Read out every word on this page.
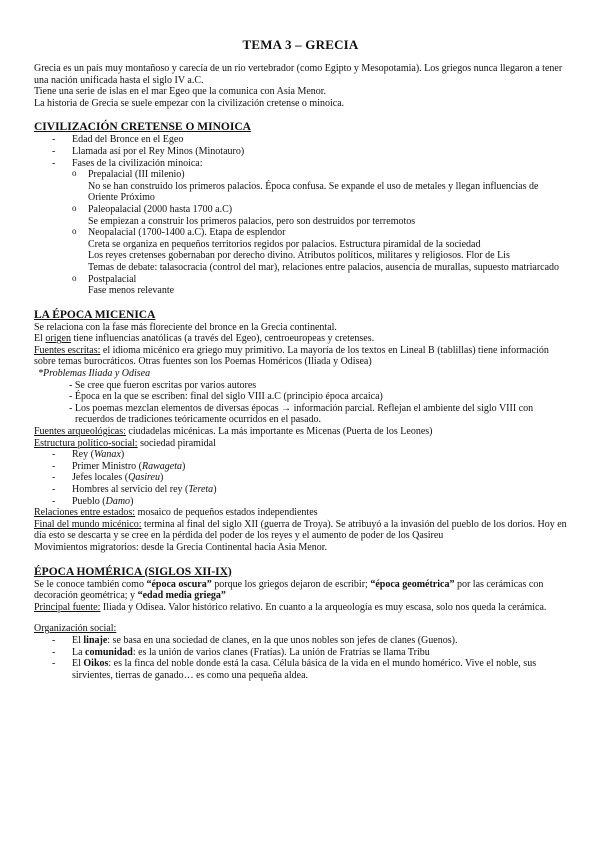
TEMA 3 – GRECIA

Grecia es un país muy montañoso y carecía de un rio vertebrador (como Egipto y Mesopotamia). Los griegos nunca llegaron a tener una nación unificada hasta el siglo IV a.C.

Tiene una serie de islas en el mar Egeo que la comunica con Asia Menor.

La historia de Grecia se suele empezar con la civilización cretense o minoica.

CIVILIZACIÓN CRETENSE O MINOICA
- Edad del Bronce en el Egeo
- Llamada así por el Rey Minos (Minotauro)
- Fases de la civilización minoica:
o Prepalacial (III milenio)
No se han construido los primeros palacios. Época confusa. Se expande el uso de metales y llegan influencias de Oriente Próximo
o Paleopalacial (2000 hasta 1700 a.C)
Se empiezan a construir los primeros palacios, pero son destruidos por terremotos
o Neopalacial (1700-1400 a.C). Etapa de esplendor
Creta se organiza en pequeños territorios regidos por palacios. Estructura piramidal de la sociedad
Los reyes cretenses gobernaban por derecho divino. Atributos políticos, militares y religiosos. Flor de Lis
Temas de debate: talasocracia (control del mar), relaciones entre palacios, ausencia de murallas, supuesto matriarcado
o Postpalacial
Fase menos relevante
LA ÉPOCA MICENICA

Se relaciona con la fase más floreciente del bronce en la Grecia continental.

El origen tiene influencias anatólicas (a través del Egeo), centroeuropeas y cretenses.

Fuentes escritas: el idioma micénico era griego muy primitivo. La mayoría de los textos en Lineal B (tablillas) tiene información sobre temas burocráticos. Otras fuentes son los Poemas Homéricos (Iliada y Odisea)

*Problemas Iliada y Odisea

- Se cree que fueron escritas por varios autores
- Época en la que se escriben: final del siglo VIII a.C (principio época arcaica)
- Los poemas mezclan elementos de diversas épocas → información parcial. Reflejan el ambiente del siglo VIII con recuerdos de tradiciones teóricamente ocurridos en el pasado.

Fuentes arqueológicas: ciudadelas micénicas. La más importante es Micenas (Puerta de los Leones)

Estructura político-social: sociedad piramidal

- Rey (Wanax)
- Primer Ministro (Rawageta)
- Jefes locales (Qasireu)
- Hombres al servicio del rey (Tereta)
- Pueblo (Damo)

Relaciones entre estados: mosaico de pequeños estados independientes

Final del mundo micénico: termina al final del siglo XII (guerra de Troya). Se atribuyó a la invasión del pueblo de los dorios. Hoy en día esto se descarta y se cree en la pérdida del poder de los reyes y el aumento de poder de los Qasireu

Movimientos migratorios: desde la Grecia Continental hacia Asia Menor.

ÉPOCA HOMÉRICA (SIGLOS XII-IX)

Se le conoce también como “época oscura” porque los griegos dejaron de escribir; “época geométrica” por las cerámicas con decoración geométrica; y “edad media griega”

Principal fuente: Iliada y Odisea. Valor histórico relativo. En cuanto a la arqueología es muy escasa, solo nos queda la cerámica.

Organización social:

- El linaje: se basa en una sociedad de clanes, en la que unos nobles son jefes de clanes (Guenos).
- La comunidad: es la unión de varios clanes (Fratías). La unión de Fratrías se llama Tribu
- El Oikos: es la finca del noble donde está la casa. Célula básica de la vida en el mundo homérico. Vive el noble, sus sirvientes, tierras de ganado… es como una pequeña aldea.
